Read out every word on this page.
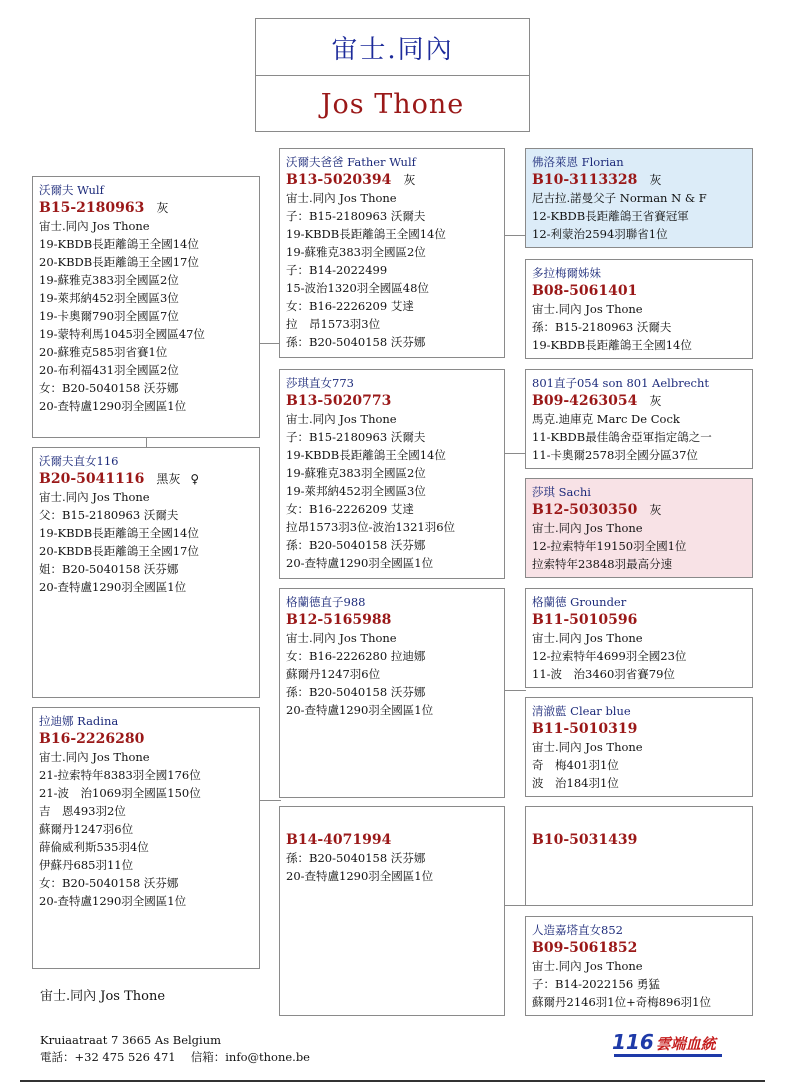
宙士.同內
Jos Thone
沃爾夫 Wulf
B15-2180963 灰
宙士.同內 Jos Thone
19-KBDB長距離鴿王全國14位
20-KBDB長距離鴿王全國17位
19-蘇雅克383羽全國區2位
19-萊邦納452羽全國區3位
19-卡奧爾790羽全國區7位
19-蒙特利馬1045羽全國區47位
20-蘇雅克585羽省賽1位
20-布利福431羽全國區2位
女：B20-5040158 沃芬娜
20-查特盧1290羽全國區1位
沃爾夫直女116
B20-5041116 黑灰 ♀
宙士.同內 Jos Thone
父：B15-2180963 沃爾夫
19-KBDB長距離鴿王全國14位
20-KBDB長距離鴿王全國17位
姐：B20-5040158 沃芬娜
20-查特盧1290羽全國區1位
拉迪娜 Radina
B16-2226280
宙士.同內 Jos Thone
21-拉索特年8383羽全國176位
21-波　治1069羽全國區150位
吉　恩493羽2位
蘇爾丹1247羽6位
薛倫威利斯535羽4位
伊蘇丹685羽11位
女：B20-5040158 沃芬娜
20-查特盧1290羽全國區1位
沃爾夫爸爸 Father Wulf
B13-5020394 灰
宙士.同內 Jos Thone
子：B15-2180963 沃爾夫
19-KBDB長距離鴿王全國14位
19-蘇雅克383羽全國區2位
子：B14-2022499
15-波治1320羽全國區48位
女：B16-2226209 艾達
拉　昂1573羽3位
孫：B20-5040158 沃芬娜
莎琪直女773
B13-5020773
宙士.同內 Jos Thone
子：B15-2180963 沃爾夫
19-KBDB長距離鴿王全國14位
19-蘇雅克383羽全國區2位
19-萊邦納452羽全國區3位
女：B16-2226209 艾達
拉昂1573羽3位-波治1321羽6位
孫：B20-5040158 沃芬娜
20-查特盧1290羽全國區1位
格蘭德直子988
B12-5165988
宙士.同內 Jos Thone
女：B16-2226280 拉迪娜
蘇爾丹1247羽6位
孫：B20-5040158 沃芬娜
20-查特盧1290羽全國區1位
B14-4071994
孫：B20-5040158 沃芬娜
20-查特盧1290羽全國區1位
佛洛萊恩 Florian
B10-3113328 灰
尼古拉.諾曼父子 Norman N & F
12-KBDB長距離鴿王省賽冠軍
12-利蒙治2594羽聯省1位
多拉梅爾姊妹
B08-5061401
宙士.同內 Jos Thone
孫：B15-2180963 沃爾夫
19-KBDB長距離鴿王全國14位
801直子054 son 801 Aelbrecht
B09-4263054 灰
馬克.迪庫克 Marc De Cock
11-KBDB最佳鴿舍亞軍指定鴿之一
11-卡奧爾2578羽全國分區37位
莎琪 Sachi
B12-5030350 灰
宙士.同內 Jos Thone
12-拉索特年19150羽全國1位
拉索特年23848羽最高分速
格蘭德 Grounder
B11-5010596
宙士.同內 Jos Thone
12-拉索特年4699羽全國23位
11-波　治3460羽省賽79位
清澈藍 Clear blue
B11-5010319
宙士.同內 Jos Thone
奇　梅401羽1位
波　治184羽1位
B10-5031439
人造嘉塔直女852
B09-5061852
宙士.同內 Jos Thone
子：B14-2022156 勇猛
蘇爾丹2146羽1位+奇梅896羽1位
宙士.同內 Jos Thone
Kruiaatraat 7 3665 As Belgium
電話：+32 475 526 471　 信箱：info@thone.be
116 雲端血統
